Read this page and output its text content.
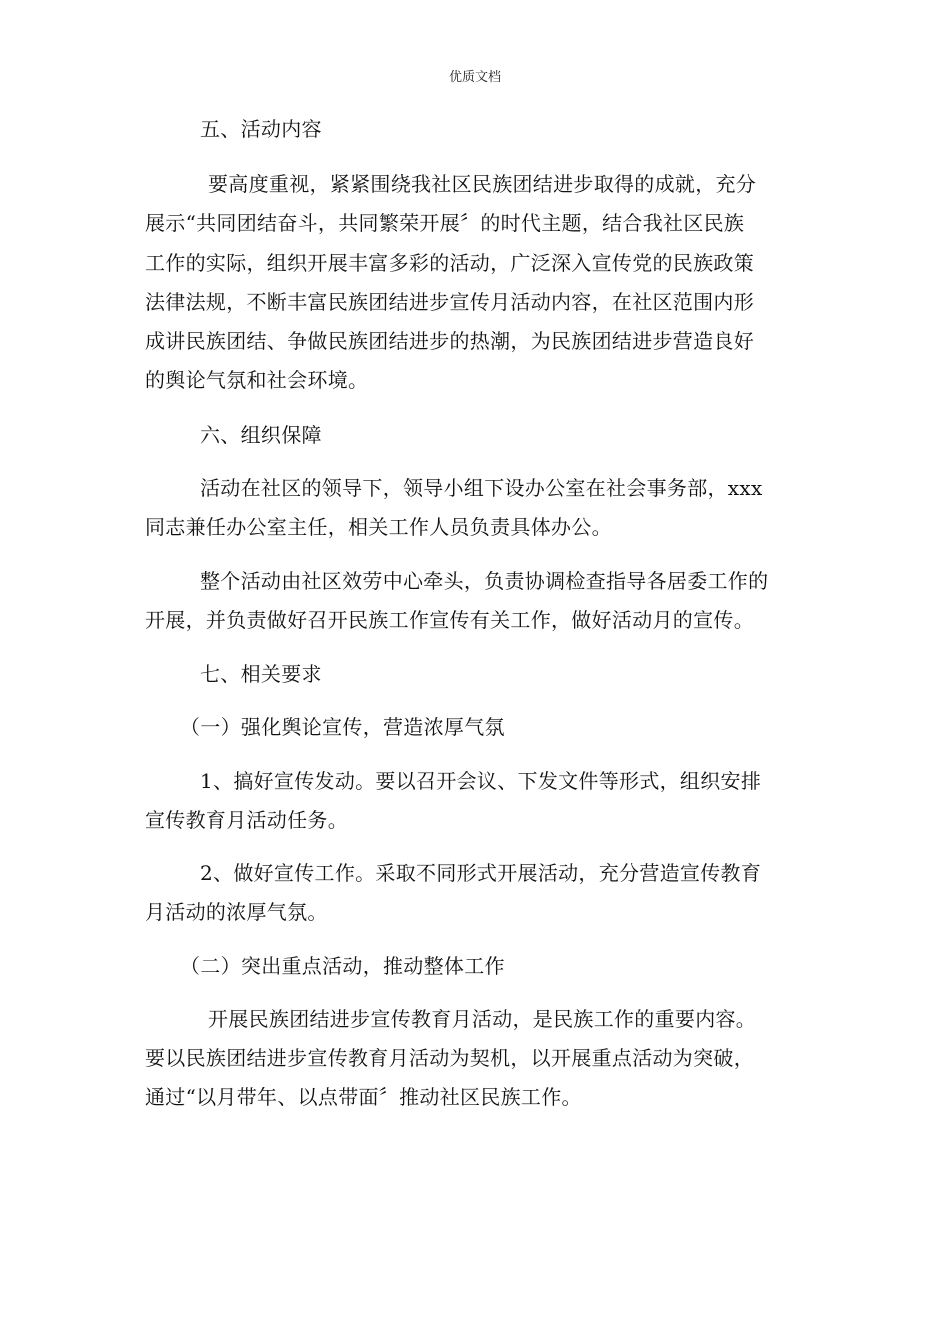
优质文档
五、活动内容
要高度重视，紧紧围绕我社区民族团结进步取得的成就，充分
展示“共同团结奋斗，共同繁荣开展〞的时代主题，结合我社区民族
工作的实际，组织开展丰富多彩的活动，广泛深入宣传党的民族政策
法律法规，不断丰富民族团结进步宣传月活动内容，在社区范围内形
成讲民族团结、争做民族团结进步的热潮，为民族团结进步营造良好
的舆论气氛和社会环境。
六、组织保障
活动在社区的领导下，领导小组下设办公室在社会事务部，xxx
同志兼任办公室主任，相关工作人员负责具体办公。
整个活动由社区效劳中心牵头，负责协调检查指导各居委工作的
开展，并负责做好召开民族工作宣传有关工作，做好活动月的宣传。
七、相关要求
（一）强化舆论宣传，营造浓厚气氛
1、搞好宣传发动。要以召开会议、下发文件等形式，组织安排
宣传教育月活动任务。
2、做好宣传工作。采取不同形式开展活动，充分营造宣传教育
月活动的浓厚气氛。
（二）突出重点活动，推动整体工作
开展民族团结进步宣传教育月活动，是民族工作的重要内容。
要以民族团结进步宣传教育月活动为契机，以开展重点活动为突破，
通过“以月带年、以点带面〞推动社区民族工作。
